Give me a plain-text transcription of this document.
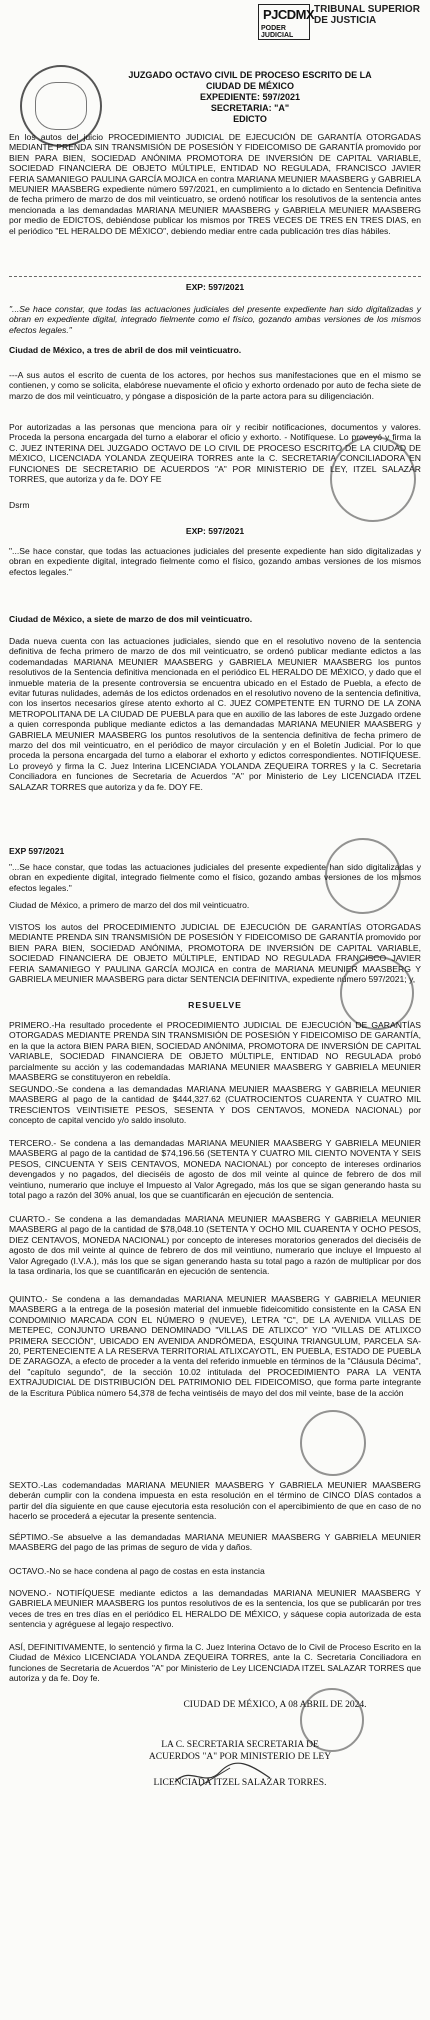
PJCDMX
PODER JUDICIAL
TRIBUNAL SUPERIOR DE JUSTICIA
JUZGADO OCTAVO CIVIL DE PROCESO ESCRITO DE LA CIUDAD DE MÉXICO
EXPEDIENTE: 597/2021
SECRETARIA: "A"
EDICTO
En los autos del juicio PROCEDIMIENTO JUDICIAL DE EJECUCIÓN DE GARANTÍA OTORGADAS MEDIANTE PRENDA SIN TRANSMISIÓN DE POSESIÓN Y FIDEICOMISO DE GARANTÍA promovido por BIEN PARA BIEN, SOCIEDAD ANÓNIMA PROMOTORA DE INVERSIÓN DE CAPITAL VARIABLE, SOCIEDAD FINANCIERA DE OBJETO MÚLTIPLE, ENTIDAD NO REGULADA, FRANCISCO JAVIER FERIA SAMANIEGO PAULINA GARCÍA MOJICA en contra MARIANA MEUNIER MAASBERG y GABRIELA MEUNIER MAASBERG expediente número 597/2021, en cumplimiento a lo dictado en Sentencia Definitiva de fecha primero de marzo de dos mil veinticuatro, se ordenó notificar los resolutivos de la sentencia antes mencionada a las demandadas MARIANA MEUNIER MAASBERG y GABRIELA MEUNIER MAASBERG por medio de EDICTOS, debiéndose publicar los mismos por TRES VECES DE TRES EN TRES DIAS, en el periódico "EL HERALDO DE MÉXICO", debiendo mediar entre cada publicación tres días hábiles.
EXP: 597/2021
"...Se hace constar, que todas las actuaciones judiciales del presente expediente han sido digitalizadas y obran en expediente digital, integrado fielmente como el físico, gozando ambas versiones de los mismos efectos legales."
Ciudad de México, a tres de abril de dos mil veinticuatro.
---A sus autos el escrito de cuenta de los actores, por hechos sus manifestaciones que en el mismo se contienen, y como se solicita, elabórese nuevamente el oficio y exhorto ordenado por auto de fecha siete de marzo de dos mil veinticuatro, y póngase a disposición de la parte actora para su diligenciación.
Por autorizadas a las personas que menciona para oír y recibir notificaciones, documentos y valores. Proceda la persona encargada del turno a elaborar el oficio y exhorto. - Notifíquese. Lo proveyó y firma la C. JUEZ INTERINA DEL JUZGADO OCTAVO DE LO CIVIL DE PROCESO ESCRITO DE LA CIUDAD DE MÉXICO, LICENCIADA YOLANDA ZEQUEIRA TORRES ante la C. SECRETARIA CONCILIADORA EN FUNCIONES DE SECRETARIO DE ACUERDOS "A" POR MINISTERIO DE LEY, ITZEL SALAZAR TORRES, que autoriza y da fe. DOY FE
Dsrm
EXP: 597/2021
"...Se hace constar, que todas las actuaciones judiciales del presente expediente han sido digitalizadas y obran en expediente digital, integrado fielmente como el físico, gozando ambas versiones de los mismos efectos legales."
Ciudad de México, a siete de marzo de dos mil veinticuatro.
Dada nueva cuenta con las actuaciones judiciales, siendo que en el resolutivo noveno de la sentencia definitiva de fecha primero de marzo de dos mil veinticuatro, se ordenó publicar mediante edictos a las codemandadas MARIANA MEUNIER MAASBERG y GABRIELA MEUNIER MAASBERG los puntos resolutivos de la Sentencia definitiva mencionada en el periódico EL HERALDO DE MÉXICO, y dado que el inmueble materia de la presente controversia se encuentra ubicado en el Estado de Puebla, a efecto de evitar futuras nulidades, además de los edictos ordenados en el resolutivo noveno de la sentencia definitiva, con los insertos necesarios gírese atento exhorto al C. JUEZ COMPETENTE EN TURNO DE LA ZONA METROPOLITANA DE LA CIUDAD DE PUEBLA para que en auxilio de las labores de este Juzgado ordene a quien corresponda publique mediante edictos a las demandadas MARIANA MEUNIER MAASBERG y GABRIELA MEUNIER MAASBERG los puntos resolutivos de la sentencia definitiva de fecha primero de marzo del dos mil veinticuatro, en el periódico de mayor circulación y en el Boletín Judicial. Por lo que proceda la persona encargada del turno a elaborar el exhorto y edictos correspondientes. NOTIFÍQUESE. Lo proveyó y firma la C. Juez Interina LICENCIADA YOLANDA ZEQUEIRA TORRES y la C. Secretaria Conciliadora en funciones de Secretaria de Acuerdos "A" por Ministerio de Ley LICENCIADA ITZEL SALAZAR TORRES que autoriza y da fe. DOY FE.
EXP 597/2021
"...Se hace constar, que todas las actuaciones judiciales del presente expediente han sido digitalizadas y obran en expediente digital, integrado fielmente como el físico, gozando ambas versiones de los mismos efectos legales."
Ciudad de México, a primero de marzo del dos mil veinticuatro.
VISTOS los autos del PROCEDIMIENTO JUDICIAL DE EJECUCIÓN DE GARANTÍAS OTORGADAS MEDIANTE PRENDA SIN TRANSMISIÓN DE POSESIÓN Y FIDEICOMISO DE GARANTÍA promovido por BIEN PARA BIEN, SOCIEDAD ANÓNIMA, PROMOTORA DE INVERSIÓN DE CAPITAL VARIABLE, SOCIEDAD FINANCIERA DE OBJETO MÚLTIPLE, ENTIDAD NO REGULADA FRANCISCO JAVIER FERIA SAMANIEGO Y PAULINA GARCÍA MOJICA en contra de MARIANA MEUNIER MAASBERG Y GABRIELA MEUNIER MAASBERG para dictar SENTENCIA DEFINITIVA, expediente número 597/2021; y,
RESUELVE
PRIMERO.-Ha resultado procedente el PROCEDIMIENTO JUDICIAL DE EJECUCIÓN DE GARANTÍAS OTORGADAS MEDIANTE PRENDA SIN TRANSMISIÓN DE POSESIÓN Y FIDEICOMISO DE GARANTÍA, en la que la actora BIEN PARA BIEN, SOCIEDAD ANÓNIMA, PROMOTORA DE INVERSIÓN DE CAPITAL VARIABLE, SOCIEDAD FINANCIERA DE OBJETO MÚLTIPLE, ENTIDAD NO REGULADA probó parcialmente su acción y las codemandadas MARIANA MEUNIER MAASBERG Y GABRIELA MEUNIER MAASBERG se constituyeron en rebeldía.
SEGUNDO.-Se condena a las demandadas MARIANA MEUNIER MAASBERG Y GABRIELA MEUNIER MAASBERG al pago de la cantidad de $444,327.62 (CUATROCIENTOS CUARENTA Y CUATRO MIL TRESCIENTOS VEINTISIETE PESOS, SESENTA Y DOS CENTAVOS, MONEDA NACIONAL) por concepto de capital vencido y/o saldo insoluto.
TERCERO.- Se condena a las demandadas MARIANA MEUNIER MAASBERG Y GABRIELA MEUNIER MAASBERG al pago de la cantidad de $74,196.56 (SETENTA Y CUATRO MIL CIENTO NOVENTA Y SEIS PESOS, CINCUENTA Y SEIS CENTAVOS, MONEDA NACIONAL) por concepto de intereses ordinarios devengados y no pagados, del dieciséis de agosto de dos mil veinte al quince de febrero de dos mil veintiuno, numerario que incluye el Impuesto al Valor Agregado, más los que se sigan generando hasta su total pago a razón del 30% anual, los que se cuantificarán en ejecución de sentencia.
CUARTO.- Se condena a las demandadas MARIANA MEUNIER MAASBERG Y GABRIELA MEUNIER MAASBERG al pago de la cantidad de $78,048.10 (SETENTA Y OCHO MIL CUARENTA Y OCHO PESOS, DIEZ CENTAVOS, MONEDA NACIONAL) por concepto de intereses moratorios generados del dieciséis de agosto de dos mil veinte al quince de febrero de dos mil veintiuno, numerario que incluye el Impuesto al Valor Agregado (I.V.A.), más los que se sigan generando hasta su total pago a razón de multiplicar por dos la tasa ordinaria, los que se cuantificarán en ejecución de sentencia.
QUINTO.- Se condena a las demandadas MARIANA MEUNIER MAASBERG Y GABRIELA MEUNIER MAASBERG a la entrega de la posesión material del inmueble fideicomitido consistente en la CASA EN CONDOMINIO MARCADA CON EL NÚMERO 9 (NUEVE), LETRA "C", DE LA AVENIDA VILLAS DE METEPEC, CONJUNTO URBANO DENOMINADO "VILLAS DE ATLIXCO" Y/O "VILLAS DE ATLIXCO PRIMERA SECCIÓN", UBICADO EN AVENIDA ANDRÓMEDA, ESQUINA TRIANGULUM, PARCELA SA-20, PERTENECIENTE A LA RESERVA TERRITORIAL ATLIXCAYOTL, EN PUEBLA, ESTADO DE PUEBLA DE ZARAGOZA, a efecto de proceder a la venta del referido inmueble en términos de la "Cláusula Décima", del "capítulo segundo", de la sección 10.02 intitulada del PROCEDIMIENTO PARA LA VENTA EXTRAJUDICIAL DE DISTRIBUCIÓN DEL PATRIMONIO DEL FIDEICOMISO, que forma parte integrante de la Escritura Pública número 54,378 de fecha veintiséis de mayo del dos mil veinte, base de la acción
SEXTO.-Las codemandadas MARIANA MEUNIER MAASBERG Y GABRIELA MEUNIER MAASBERG deberán cumplir con la condena impuesta en esta resolución en el término de CINCO DÍAS contados a partir del día siguiente en que cause ejecutoria esta resolución con el apercibimiento de que en caso de no hacerlo se procederá a ejecutar la presente sentencia.
SÉPTIMO.-Se absuelve a las demandadas MARIANA MEUNIER MAASBERG Y GABRIELA MEUNIER MAASBERG del pago de las primas de seguro de vida y daños.
OCTAVO.-No se hace condena al pago de costas en esta instancia
NOVENO.- NOTIFÍQUESE mediante edictos a las demandadas MARIANA MEUNIER MAASBERG Y GABRIELA MEUNIER MAASBERG los puntos resolutivos de es la sentencia, los que se publicarán por tres veces de tres en tres días en el periódico EL HERALDO DE MÉXICO, y sáquese copia autorizada de esta sentencia y agréguese al legajo respectivo.
ASÍ, DEFINITIVAMENTE, lo sentenció y firma la C. Juez Interina Octavo de lo Civil de Proceso Escrito en la Ciudad de México LICENCIADA YOLANDA ZEQUEIRA TORRES, ante la C. Secretaria Conciliadora en funciones de Secretaria de Acuerdos "A" por Ministerio de Ley LICENCIADA ITZEL SALAZAR TORRES que autoriza y da fe. Doy fe.
CIUDAD DE MÉXICO, A 08 ABRIL DE 2024.
LA C. SECRETARIA SECRETARIA DE
ACUERDOS "A" POR MINISTERIO DE LEY
LICENCIADA ITZEL SALAZAR TORRES.
